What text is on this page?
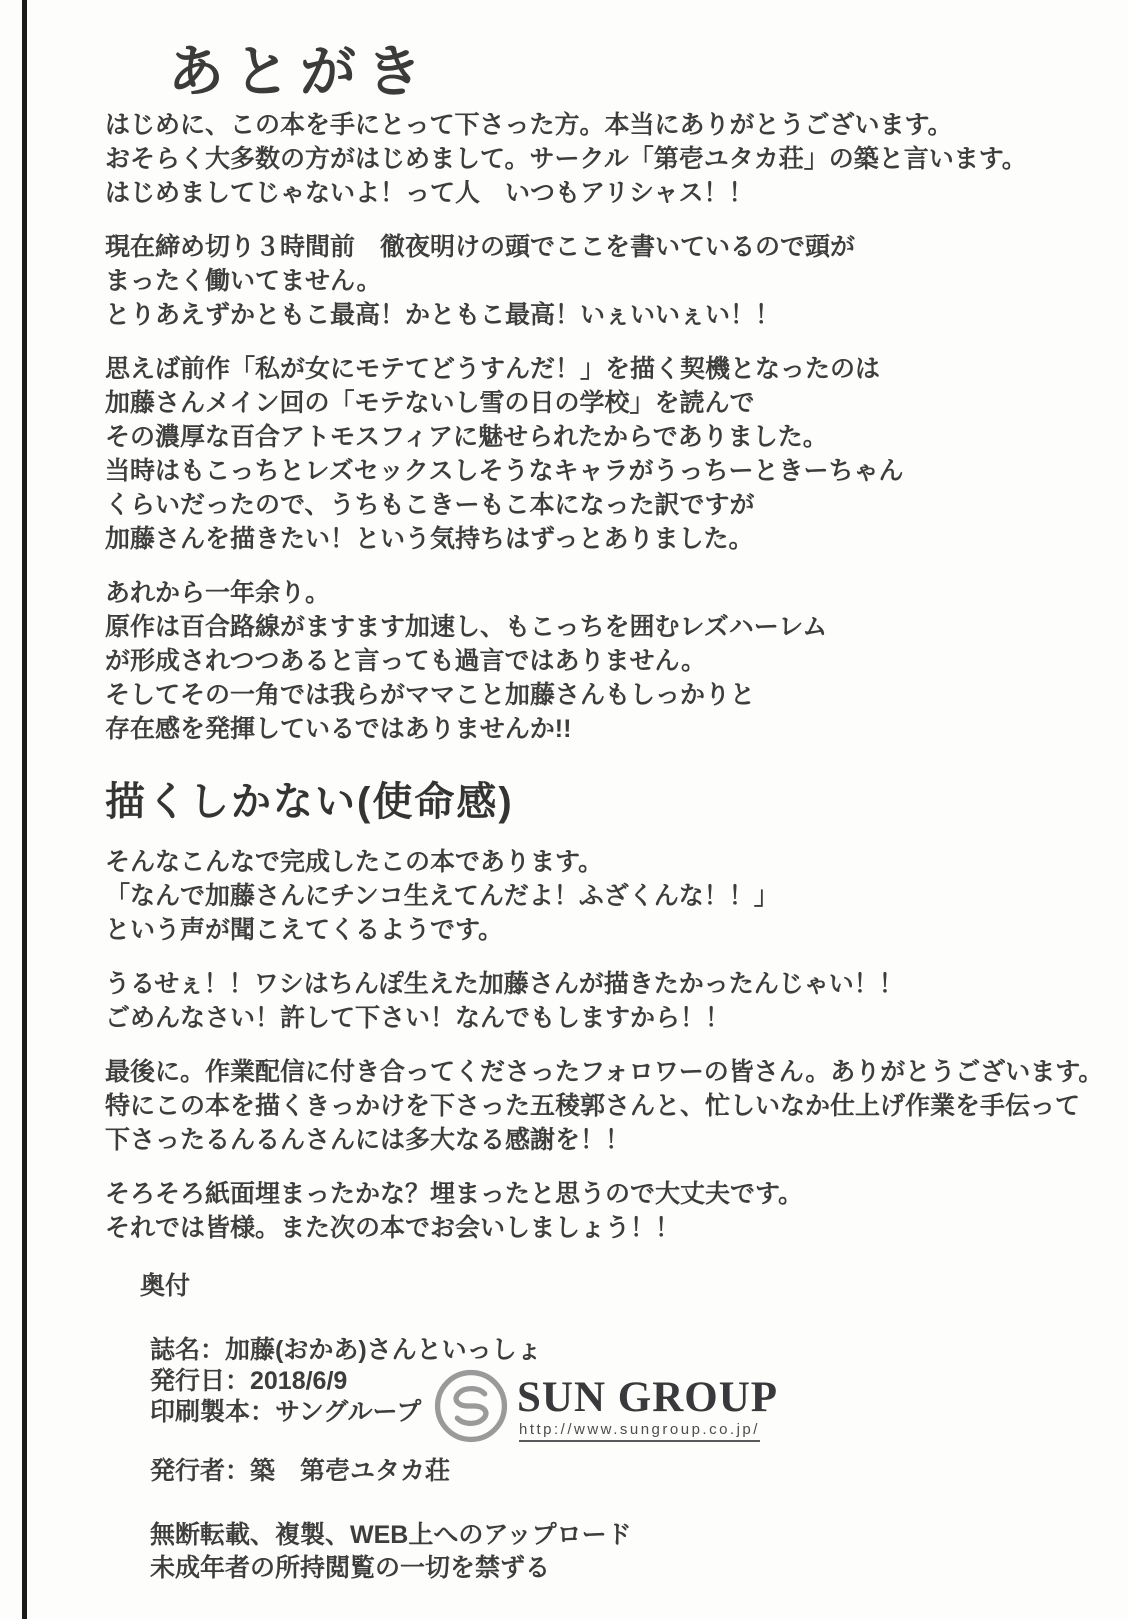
あとがき
はじめに、この本を手にとって下さった方。本当にありがとうございます。
おそらく大多数の方がはじめまして。サークル「第壱ユタカ荘」の築と言います。
はじめましてじゃないよ！って人　いつもアリシャス！！
現在締め切り３時間前　徹夜明けの頭でここを書いているので頭が
まったく働いてません。
とりあえずかともこ最高！かともこ最高！いぇいいぇい！！
思えば前作「私が女にモテてどうすんだ！」を描く契機となったのは
加藤さんメイン回の「モテないし雪の日の学校」を読んで
その濃厚な百合アトモスフィアに魅せられたからでありました。
当時はもこっちとレズセックスしそうなキャラがうっちーときーちゃん
くらいだったので、うちもこきーもこ本になった訳ですが
加藤さんを描きたい！という気持ちはずっとありました。
あれから一年余り。
原作は百合路線がますます加速し、もこっちを囲むレズハーレム
が形成されつつあると言っても過言ではありません。
そしてその一角では我らがママこと加藤さんもしっかりと
存在感を発揮しているではありませんか!!
描くしかない(使命感)
そんなこんなで完成したこの本であります。
「なんで加藤さんにチンコ生えてんだよ！ふざくんな！！」
という声が聞こえてくるようです。
うるせぇ！！ワシはちんぽ生えた加藤さんが描きたかったんじゃい！！
ごめんなさい！許して下さい！なんでもしますから！！
最後に。作業配信に付き合ってくださったフォロワーの皆さん。ありがとうございます。
特にこの本を描くきっかけを下さった五稜郭さんと、忙しいなか仕上げ作業を手伝って
下さったるんるんさんには多大なる感謝を！！
そろそろ紙面埋まったかな？埋まったと思うので大丈夫です。
それでは皆様。また次の本でお会いしましょう！！
奥付
誌名：加藤(おかあ)さんといっしょ
発行日：2018/6/9
印刷製本：サングループ
発行者：築　第壱ユタカ荘
無断転載、複製、WEB上へのアップロード
未成年者の所持閲覧の一切を禁ずる
SUN GROUP
http://www.sungroup.co.jp/
